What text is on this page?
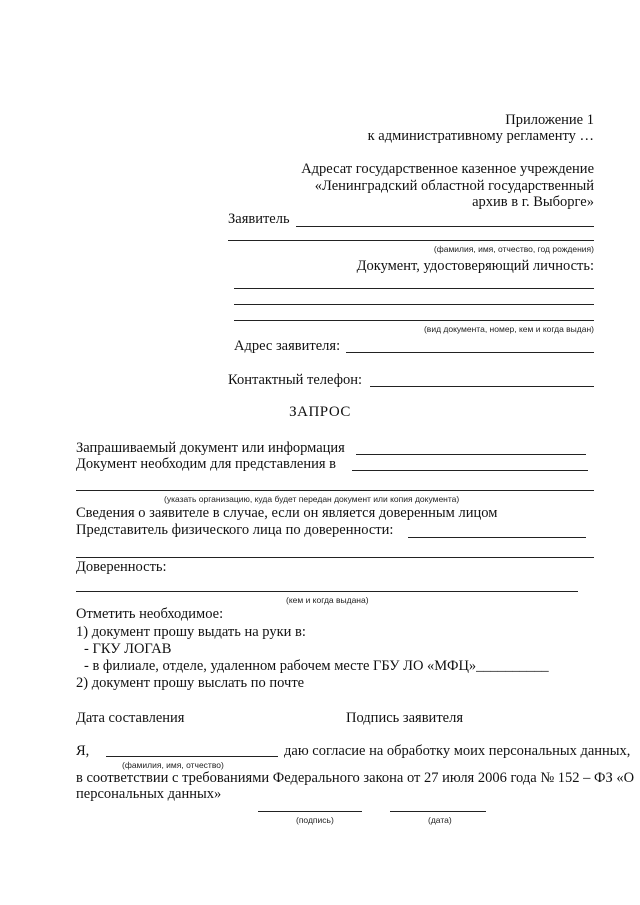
Приложение 1
к административному регламенту …
Адресат государственное казенное учреждение
«Ленинградский областной государственный
архив в г. Выборге»
Заявитель
(фамилия, имя, отчество, год рождения)
Документ, удостоверяющий личность:
(вид документа, номер, кем и когда выдан)
Адрес заявителя:
Контактный телефон:
ЗАПРОС
Запрашиваемый документ или информация
Документ необходим для представления в
(указать организацию, куда будет передан документ или копия документа)
Сведения о заявителе в случае, если он является доверенным лицом
Представитель физического лица по доверенности:
Доверенность:
(кем и когда выдана)
Отметить необходимое:
1) документ прошу выдать на руки в:
- ГКУ ЛОГАВ
- в филиале, отделе, удаленном рабочем месте ГБУ ЛО «МФЦ»__________
2) документ прошу выслать по почте
Дата составления	Подпись заявителя
Я,	даю согласие на обработку моих персональных данных,
(фамилия, имя, отчество)
в соответствии с требованиями Федерального закона от 27 июля 2006 года № 152 – ФЗ «О
персональных данных»
(подпись)	(дата)
